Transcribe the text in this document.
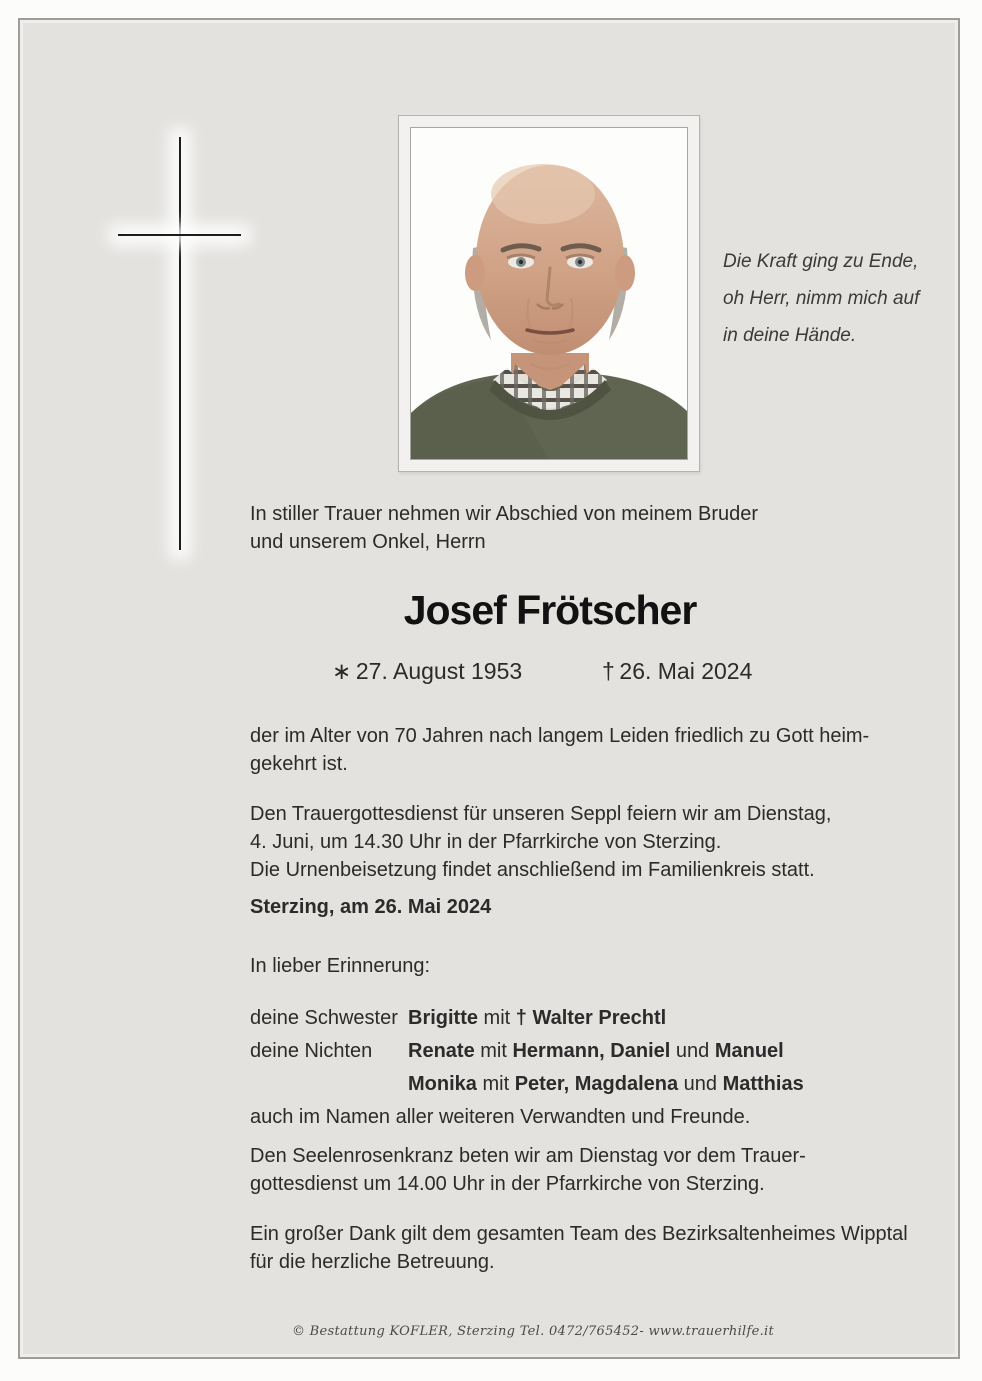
Die Kraft ging zu Ende,
oh Herr, nimm mich auf
in deine Hände.
In stiller Trauer nehmen wir Abschied von meinem Bruder
und unserem Onkel, Herrn
Josef Frötscher
∗  27. August 1953	†  26. Mai 2024
der im Alter von 70 Jahren nach langem Leiden friedlich zu Gott heim-
gekehrt ist.
Den Trauergottesdienst für unseren Seppl feiern wir am Dienstag,
4. Juni, um 14.30 Uhr in der Pfarrkirche von Sterzing.
Die Urnenbeisetzung findet anschließend im Familienkreis statt.
Sterzing, am 26. Mai 2024
In lieber Erinnerung:
deine Schwester Brigitte mit † Walter Prechtl
deine Nichten	Renate mit Hermann, Daniel und Manuel
Monika mit Peter, Magdalena und Matthias
auch im Namen aller weiteren Verwandten und Freunde.
Den Seelenrosenkranz beten wir am Dienstag vor dem Trauer-
gottesdienst um 14.00 Uhr in der Pfarrkirche von Sterzing.
Ein großer Dank gilt dem gesamten Team des Bezirksaltenheimes Wipptal
für die herzliche Betreuung.
© Bestattung KOFLER, Sterzing Tel. 0472/765452- www.trauerhilfe.it
